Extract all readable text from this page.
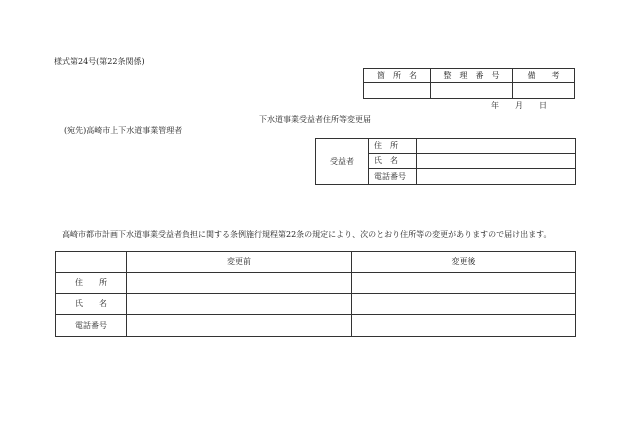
様式第24号(第22条関係)
箇　所　名	整　理　番　号	備　　考

年　　月　　日
下水道事業受益者住所等変更届
(宛先)高崎市上下水道事業管理者
受益者	住　所	
	氏　名	
	電話番号	
高崎市都市計画下水道事業受益者負担に関する条例施行規程第22条の規定により、次のとおり住所等の変更がありますので届け出ます。
	変更前	変更後
住　　所		
氏　　名		
電話番号		
